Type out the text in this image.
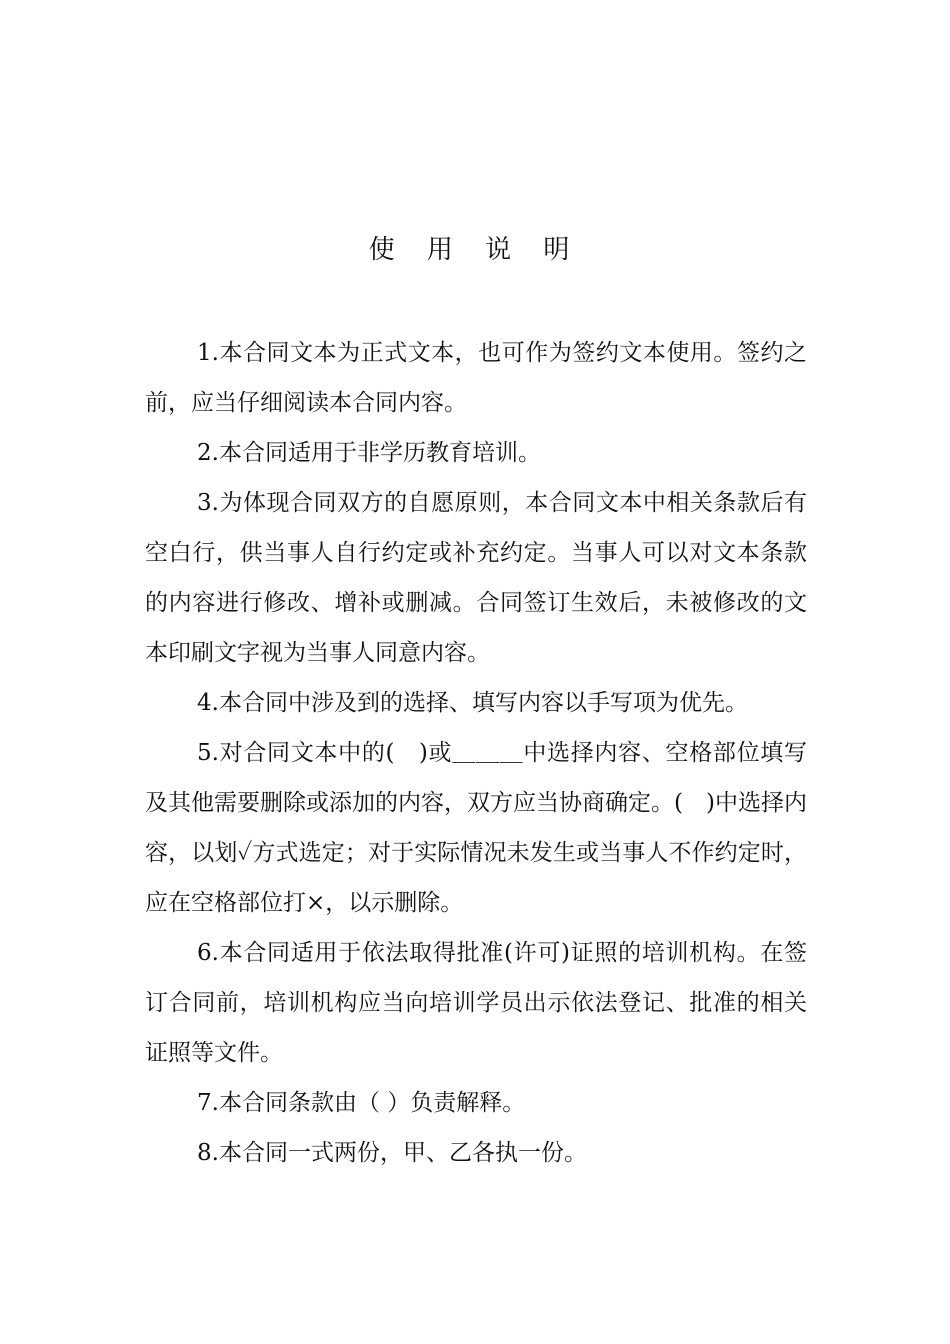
使 用 说 明

1.本合同文本为正式文本，也可作为签约文本使用。签约之前，应当仔细阅读本合同内容。

2.本合同适用于非学历教育培训。

3.为体现合同双方的自愿原则，本合同文本中相关条款后有空白行，供当事人自行约定或补充约定。当事人可以对文本条款的内容进行修改、增补或删减。合同签订生效后，未被修改的文本印刷文字视为当事人同意内容。

4.本合同中涉及到的选择、填写内容以手写项为优先。

5.对合同文本中的(　)或＿＿＿中选择内容、空格部位填写及其他需要删除或添加的内容，双方应当协商确定。(　)中选择内容，以划✓方式选定；对于实际情况未发生或当事人不作约定时，应在空格部位打×，以示删除。

6.本合同适用于依法取得批准(许可)证照的培训机构。在签订合同前，培训机构应当向培训学员出示依法登记、批准的相关证照等文件。

7.本合同条款由（ ）负责解释。

8.本合同一式两份，甲、乙各执一份。
